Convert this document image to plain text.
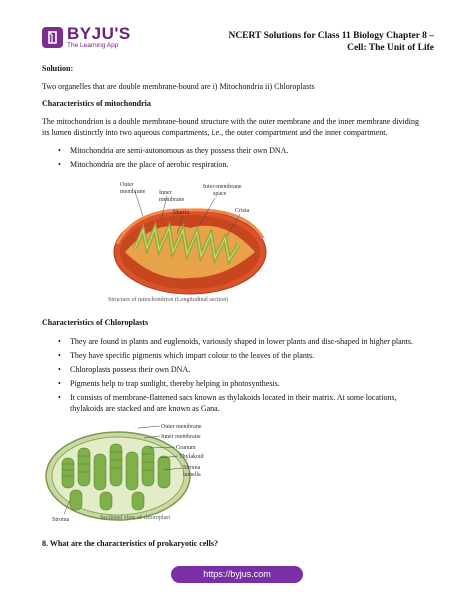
BYJU'S
The Learning App
NCERT Solutions for Class 11 Biology Chapter 8 –
Cell: The Unit of Life
Solution:
Two organelles that are double membrane-bound are i) Mitochondria ii) Chloroplasts
Characteristics of mitochondria
The mitochondrion is a double membrane-bound structure with the outer membrane and the inner membrane dividing
its lumen distinctly into two aqueous compartments, i.e., the outer compartment and the inner compartment.
• Mitochondria are semi-autonomous as they possess their own DNA.
• Mitochondria are the place of aerobic respiration.
Outer
membrane Inner
membrane
Inter-membrane
space
Matrix	Crista
Structure of mitochondrion (Longitudinal section)
Characteristics of Chloroplasts
• They are found in plants and euglenoids, variously shaped in lower plants and disc-shaped in higher plants.
• They have specific pigments which impart colour to the leaves of the plants.
• Chloroplasts possess their own DNA.
• Pigments help to trap sunlight, thereby helping in photosynthesis.
• It consists of membrane-flattened sacs known as thylakoids located in their matrix. At some locations,
thylakoids are stacked and are known as Gana.
Outer membrane
Inner membrane
Granum
Thylakoid
Stroma
lamella
Stroma	Sectional view of chloroplast
8. What are the characteristics of prokaryotic cells?
https://byjus.com
